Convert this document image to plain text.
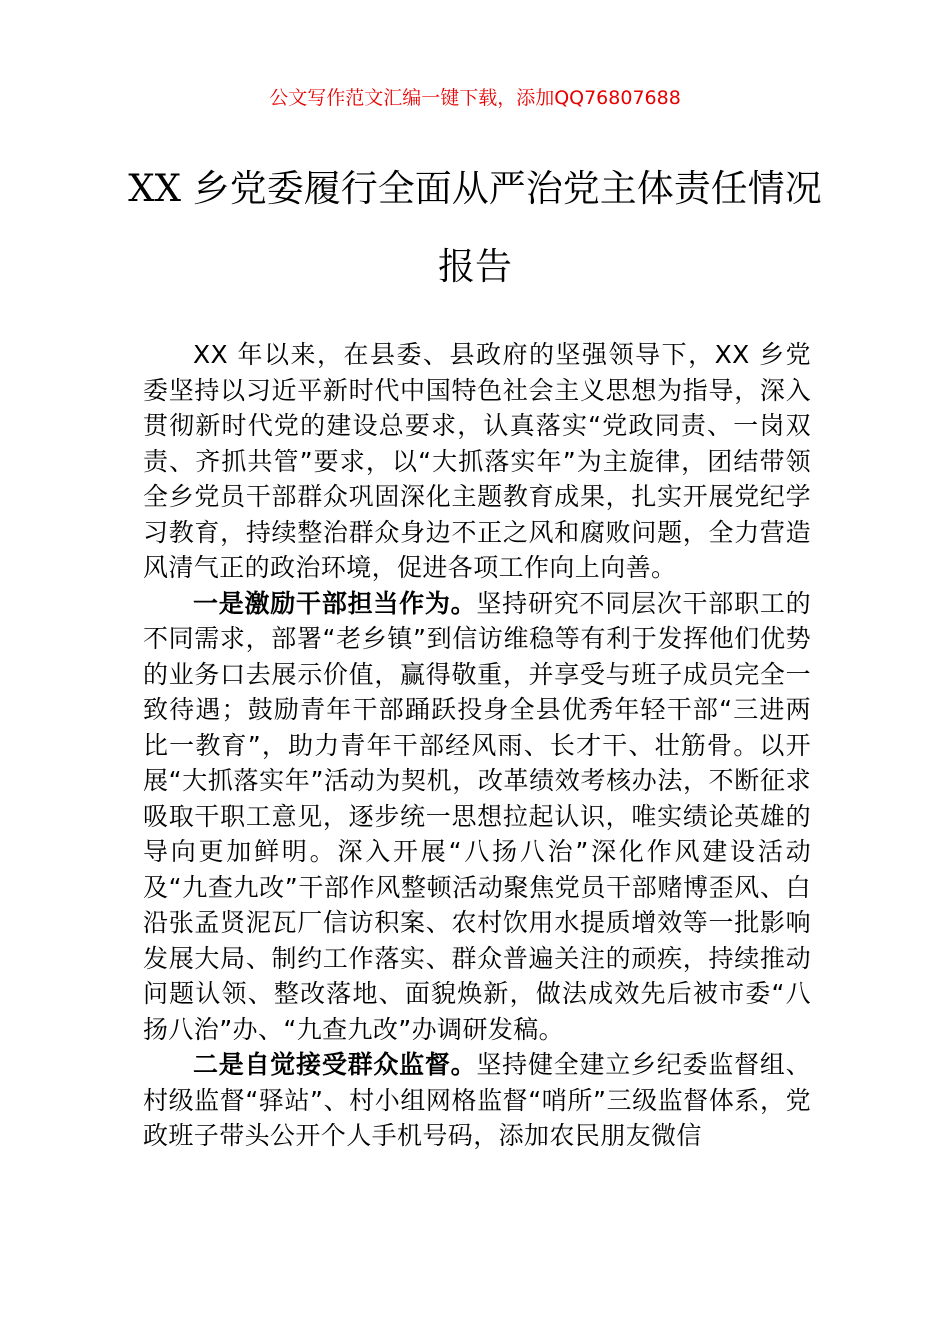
公文写作范文汇编一键下载，添加QQ76807688
XX 乡党委履行全面从严治党主体责任情况
报告

XX 年以来，在县委、县政府的坚强领导下，XX 乡党委坚持以习近平新时代中国特色社会主义思想为指导，深入贯彻新时代党的建设总要求，认真落实“党政同责、一岗双责、齐抓共管”要求，以“大抓落实年”为主旋律，团结带领全乡党员干部群众巩固深化主题教育成果，扎实开展党纪学习教育，持续整治群众身边不正之风和腐败问题，全力营造风清气正的政治环境，促进各项工作向上向善。

一是激励干部担当作为。坚持研究不同层次干部职工的不同需求，部署“老乡镇”到信访维稳等有利于发挥他们优势的业务口去展示价值，赢得敬重，并享受与班子成员完全一致待遇；鼓励青年干部踊跃投身全县优秀年轻干部“三进两比一教育”，助力青年干部经风雨、长才干、壮筋骨。以开展“大抓落实年”活动为契机，改革绩效考核办法，不断征求吸取干职工意见，逐步统一思想拉起认识，唯实绩论英雄的导向更加鲜明。深入开展“八扬八治”深化作风建设活动及“九查九改”干部作风整顿活动聚焦党员干部赌博歪风、白沿张孟贤泥瓦厂信访积案、农村饮用水提质增效等一批影响发展大局、制约工作落实、群众普遍关注的顽疾，持续推动问题认领、整改落地、面貌焕新，做法成效先后被市委“八扬八治”办、“九查九改”办调研发稿。

二是自觉接受群众监督。坚持健全建立乡纪委监督组、村级监督“驿站”、村小组网格监督“哨所”三级监督体系，党政班子带头公开个人手机号码，添加农民朋友微信
